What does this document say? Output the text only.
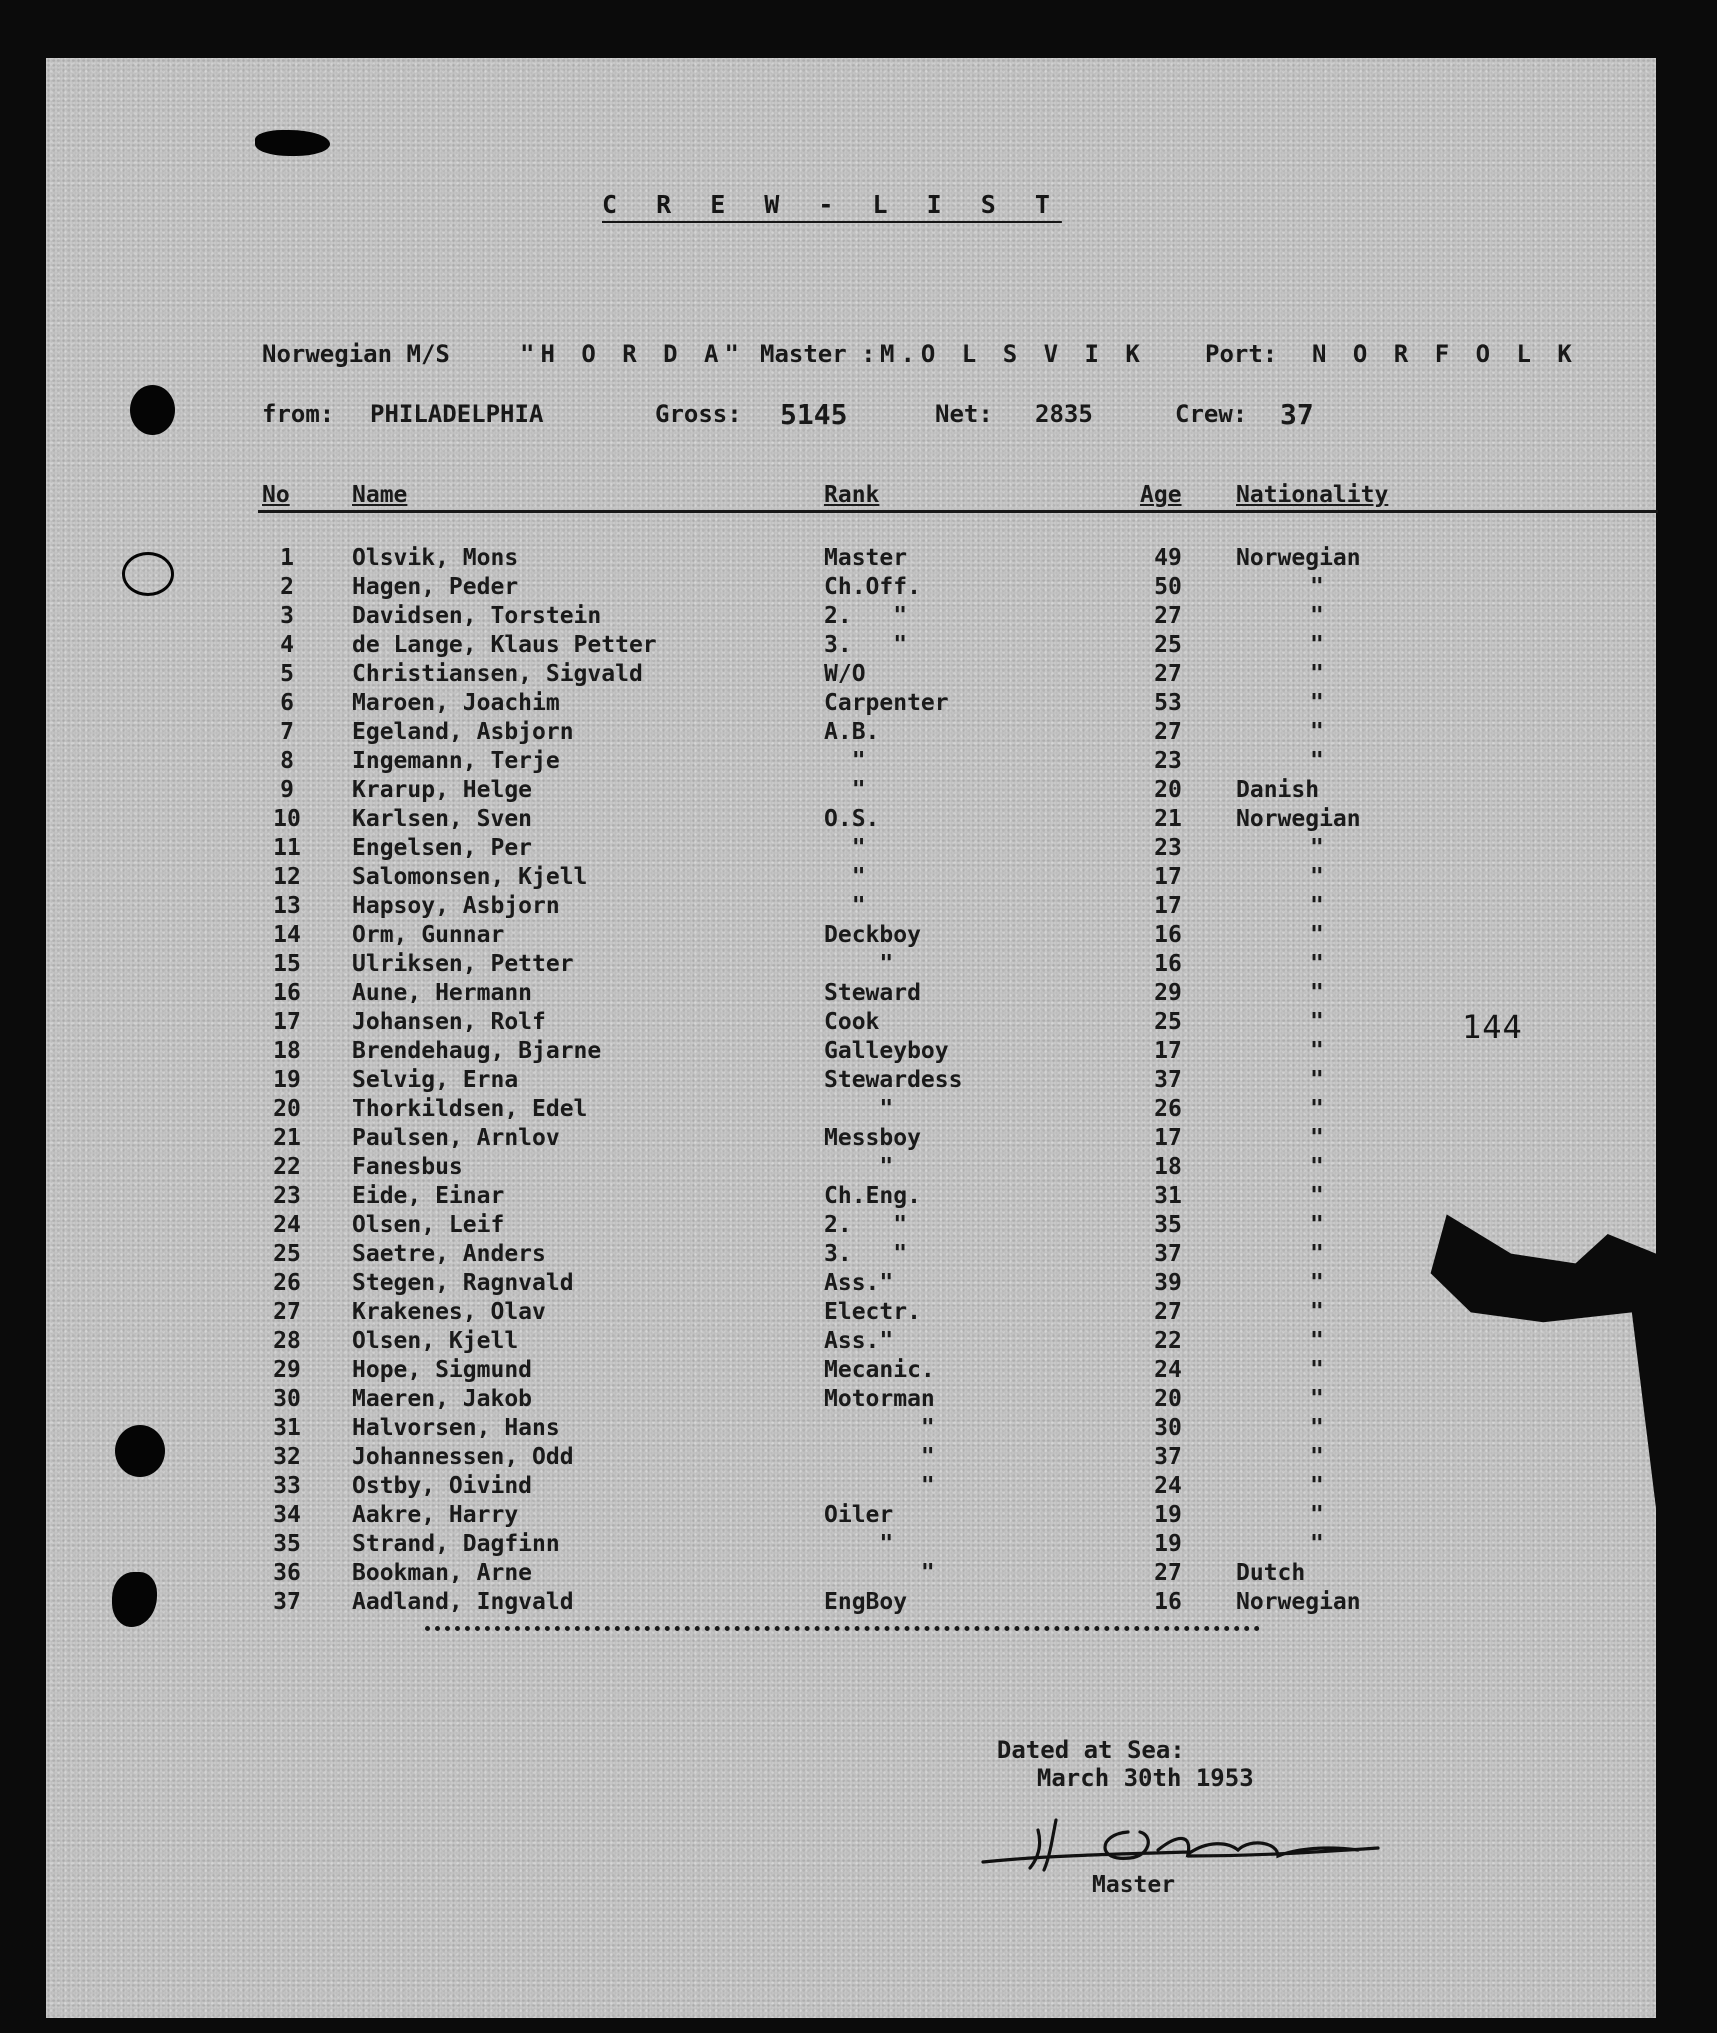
C R E W - L I S T
Norwegian M/S	"H O R D A" Master : M.O L S V I K Port: N O R F O L K
from: PHILADELPHIA	Gross: 5145	Net: 2835	Crew: 37
No	Name	Rank	Age Nationality
1	Olsvik, Mons	Master	49	Norwegian
2	Hagen, Peder	Ch.Off.	50	"
3	Davidsen, Torstein	2.   "	27	"
4	de Lange, Klaus Petter	3.   "	25	"
5	Christiansen, Sigvald	W/O	27	"
6	Maroen, Joachim	Carpenter	53	"
7	Egeland, Asbjorn	A.B.	27	"
8	Ingemann, Terje	"	23	"
9	Krarup, Helge	"	20	Danish
10	Karlsen, Sven	O.S.	21	Norwegian
11	Engelsen, Per	"	23	"
12	Salomonsen, Kjell	"	17	"
13	Hapsoy, Asbjorn	"	17	"
14	Orm, Gunnar	Deckboy	16	"
15	Ulriksen, Petter	"	16	"
16	Aune, Hermann	Steward	29	"
17	Johansen, Rolf	Cook	25	"
18	Brendehaug, Bjarne	Galleyboy	17	"
19	Selvig, Erna	Stewardess	37	"
20	Thorkildsen, Edel	"	26	"
21	Paulsen, Arnlov	Messboy	17	"
22	Fanesbus	"	18	"
23	Eide, Einar	Ch.Eng.	31	"
24	Olsen, Leif	2.   "	35	"
25	Saetre, Anders	3.   "	37	"
26	Stegen, Ragnvald	Ass."	39	"
27	Krakenes, Olav	Electr.	27	"
28	Olsen, Kjell	Ass."	22	"
29	Hope, Sigmund	Mecanic.	24	"
30	Maeren, Jakob	Motorman	20	"
31	Halvorsen, Hans	"	30	"
32	Johannessen, Odd	"	37	"
33	Ostby, Oivind	"	24	"
34	Aakre, Harry	Oiler	19	"
35	Strand, Dagfinn	"	19	"
36	Bookman, Arne	"	27	Dutch
37	Aadland, Ingvald	EngBoy	16	Norwegian
144

Dated at Sea:
March 30th 1953

Master
